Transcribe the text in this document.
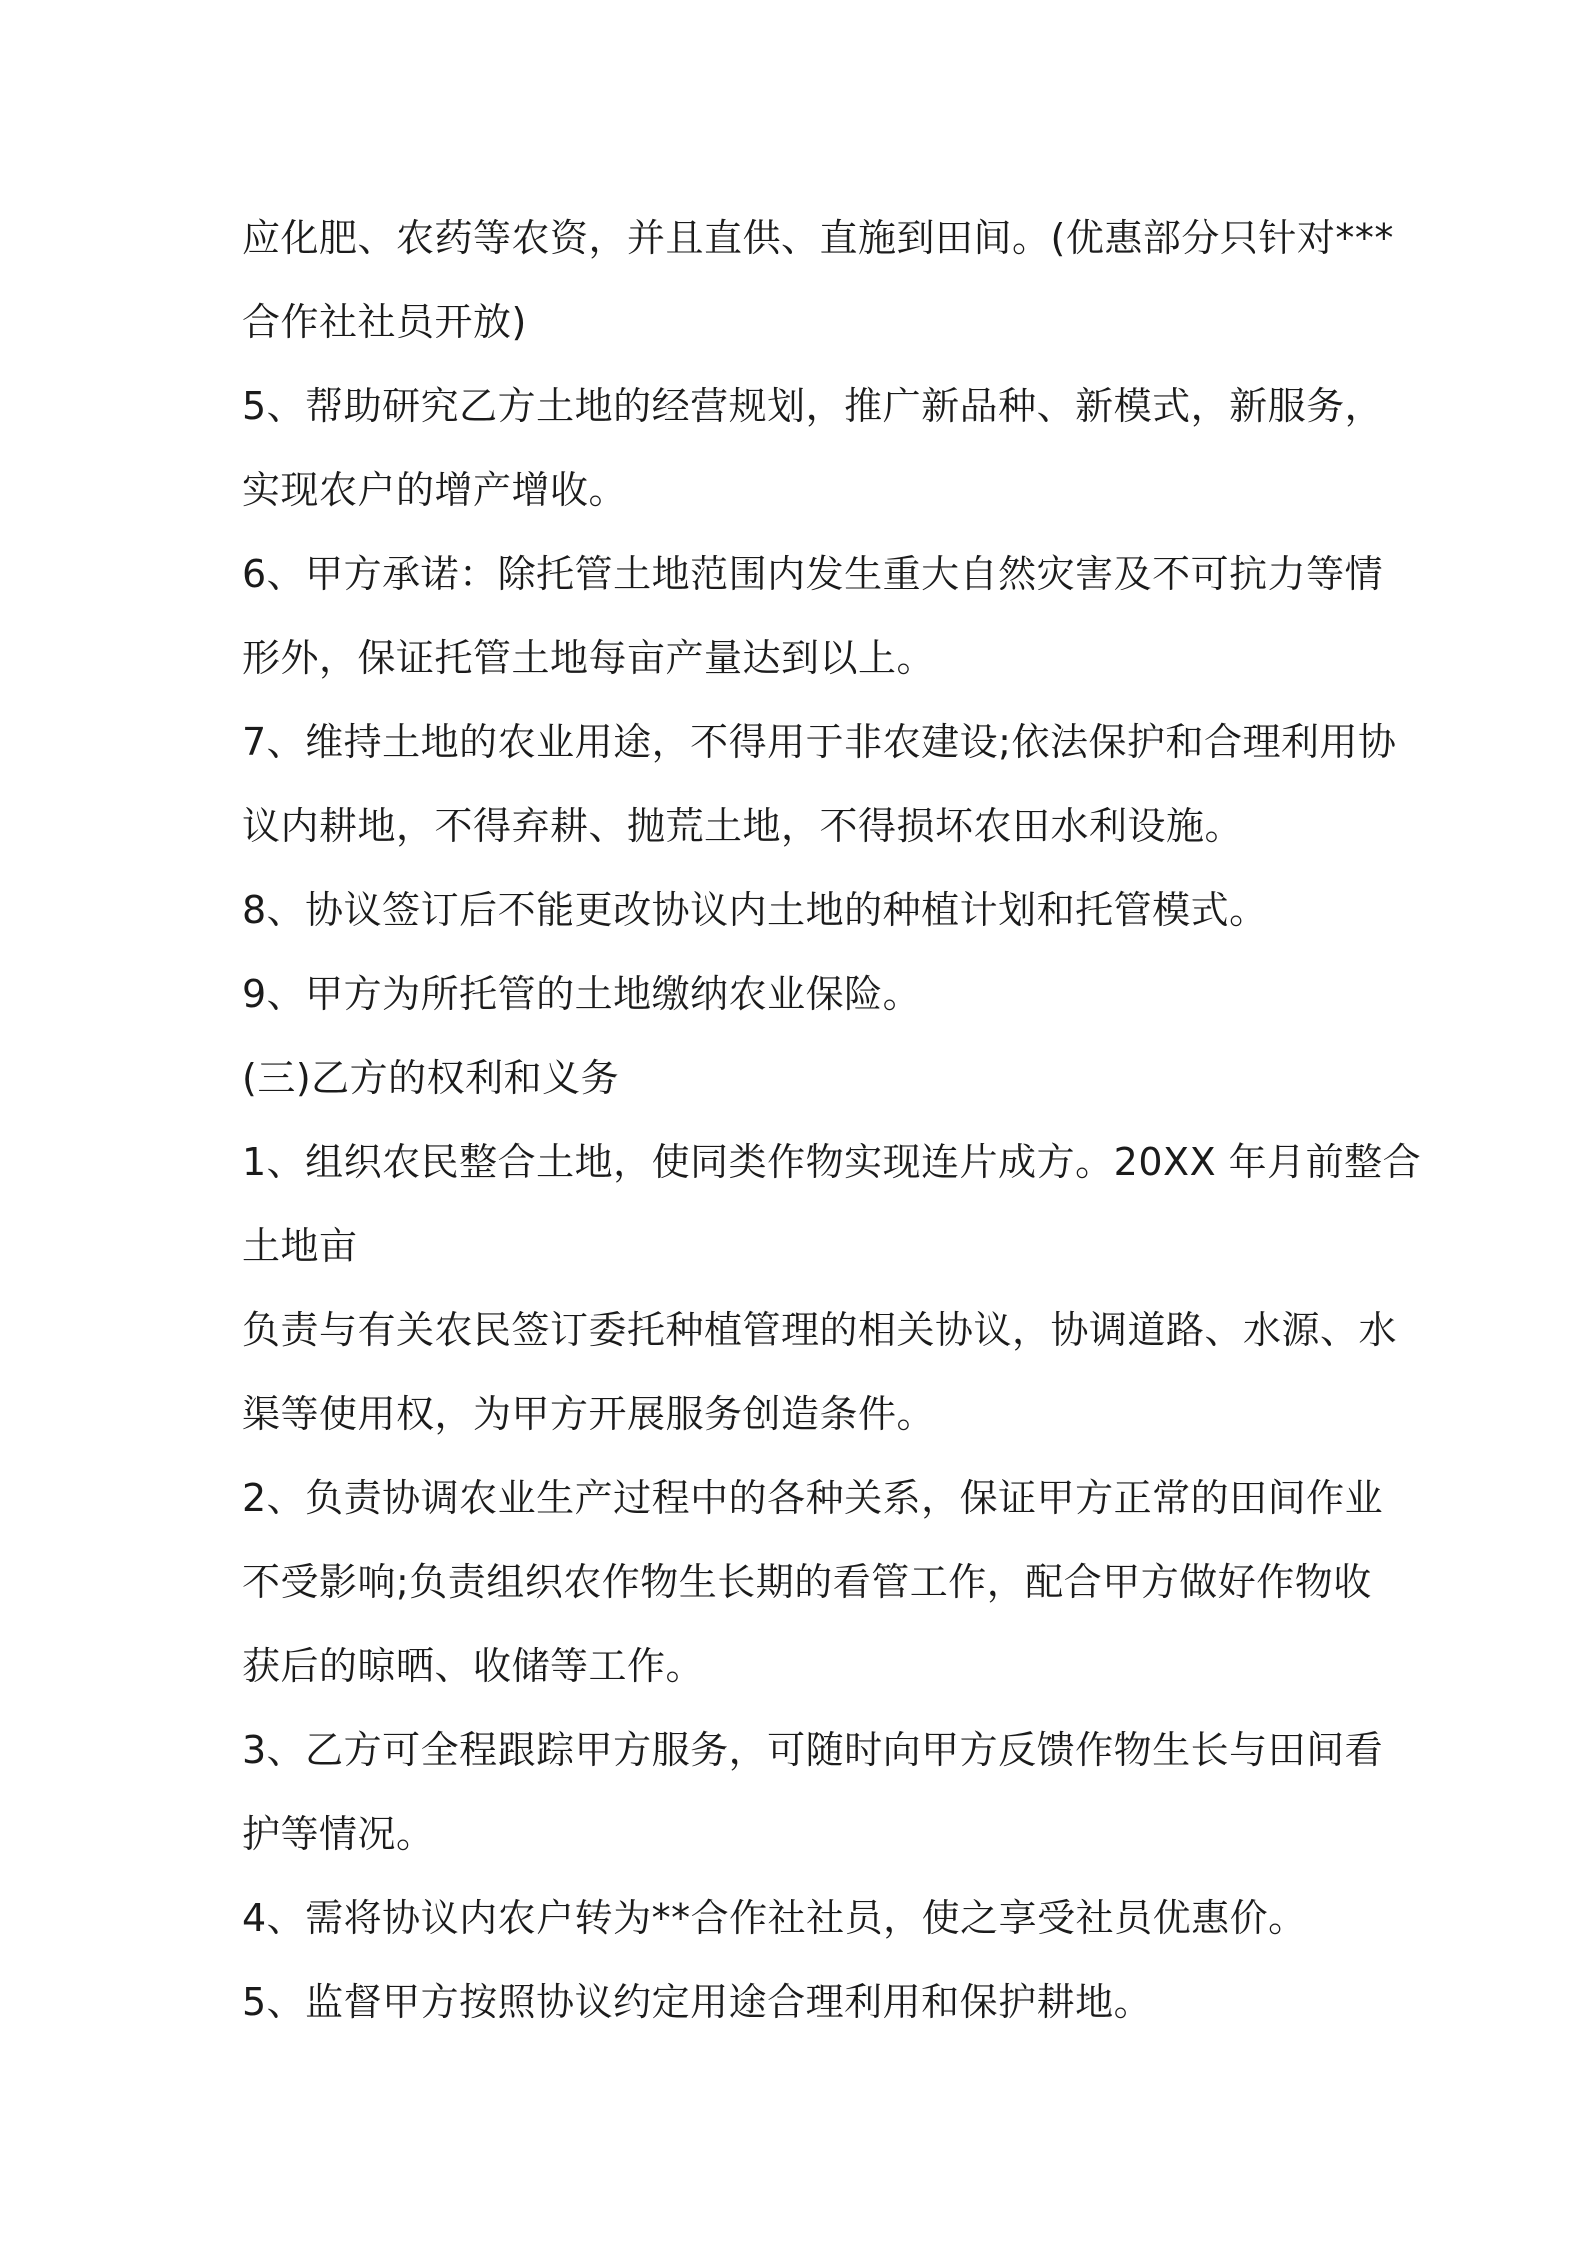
应化肥、农药等农资，并且直供、直施到田间。(优惠部分只针对***

合作社社员开放)

5、帮助研究乙方土地的经营规划，推广新品种、新模式，新服务，

实现农户的增产增收。

6、甲方承诺：除托管土地范围内发生重大自然灾害及不可抗力等情

形外，保证托管土地每亩产量达到以上。

7、维持土地的农业用途，不得用于非农建设;依法保护和合理利用协

议内耕地，不得弃耕、抛荒土地，不得损坏农田水利设施。

8、协议签订后不能更改协议内土地的种植计划和托管模式。

9、甲方为所托管的土地缴纳农业保险。

(三)乙方的权利和义务

1、组织农民整合土地，使同类作物实现连片成方。20XX 年月前整合

土地亩

负责与有关农民签订委托种植管理的相关协议，协调道路、水源、水

渠等使用权，为甲方开展服务创造条件。

2、负责协调农业生产过程中的各种关系，保证甲方正常的田间作业

不受影响;负责组织农作物生长期的看管工作，配合甲方做好作物收

获后的晾晒、收储等工作。

3、乙方可全程跟踪甲方服务，可随时向甲方反馈作物生长与田间看

护等情况。

4、需将协议内农户转为**合作社社员，使之享受社员优惠价。

5、监督甲方按照协议约定用途合理利用和保护耕地。
